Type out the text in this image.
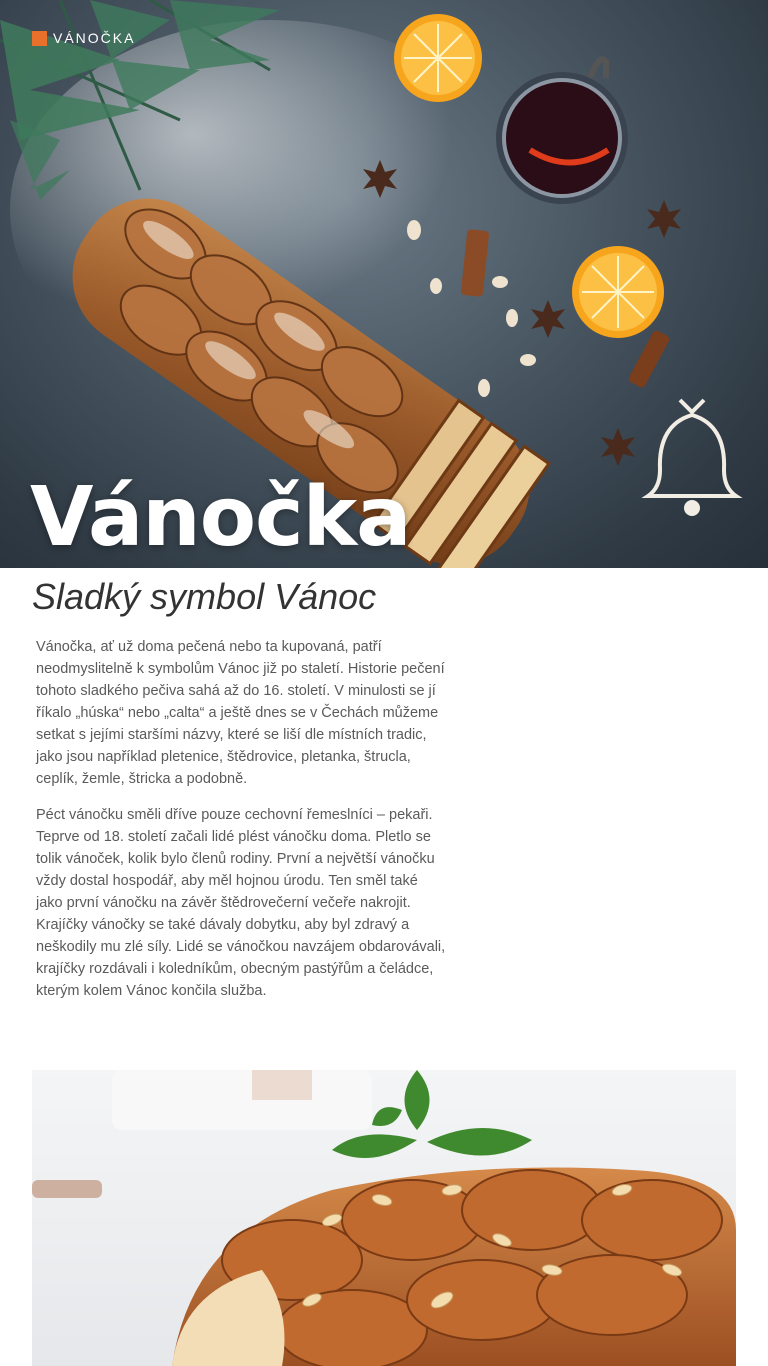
VÁNOČKA
Vánočka
Sladký symbol Vánoc

Vánočka, ať už doma pečená nebo ta kupovaná, patří neodmyslitelně k symbolům Vánoc již po staletí. Historie pečení tohoto sladkého pečiva sahá až do 16. století. V minulosti se jí říkalo „húska“ nebo „calta“ a ještě dnes se v Čechách můžeme setkat s jejími staršími názvy, které se liší dle místních tradic, jako jsou například pletenice, štědrovice, pletanka, štrucla, ceplík, žemle, štricka a podobně.

Péct vánočku směli dříve pouze cechovní řemeslníci – pekaři. Teprve od 18. století začali lidé plést vánočku doma. Pletlo se tolik vánoček, kolik bylo členů rodiny. První a největší vánočku vždy dostal hospodář, aby měl hojnou úrodu. Ten směl také jako první vánočku na závěr štědrovečerní večeře nakrojit. Krajíčky vánočky se také dávaly dobytku, aby byl zdravý a neškodily mu zlé síly. Lidé se vánočkou navzájem obdarovávali, krajíčky rozdávali i koledníkům, obecným pastýřům a čeládce, kterým kolem Vánoc končila služba.
